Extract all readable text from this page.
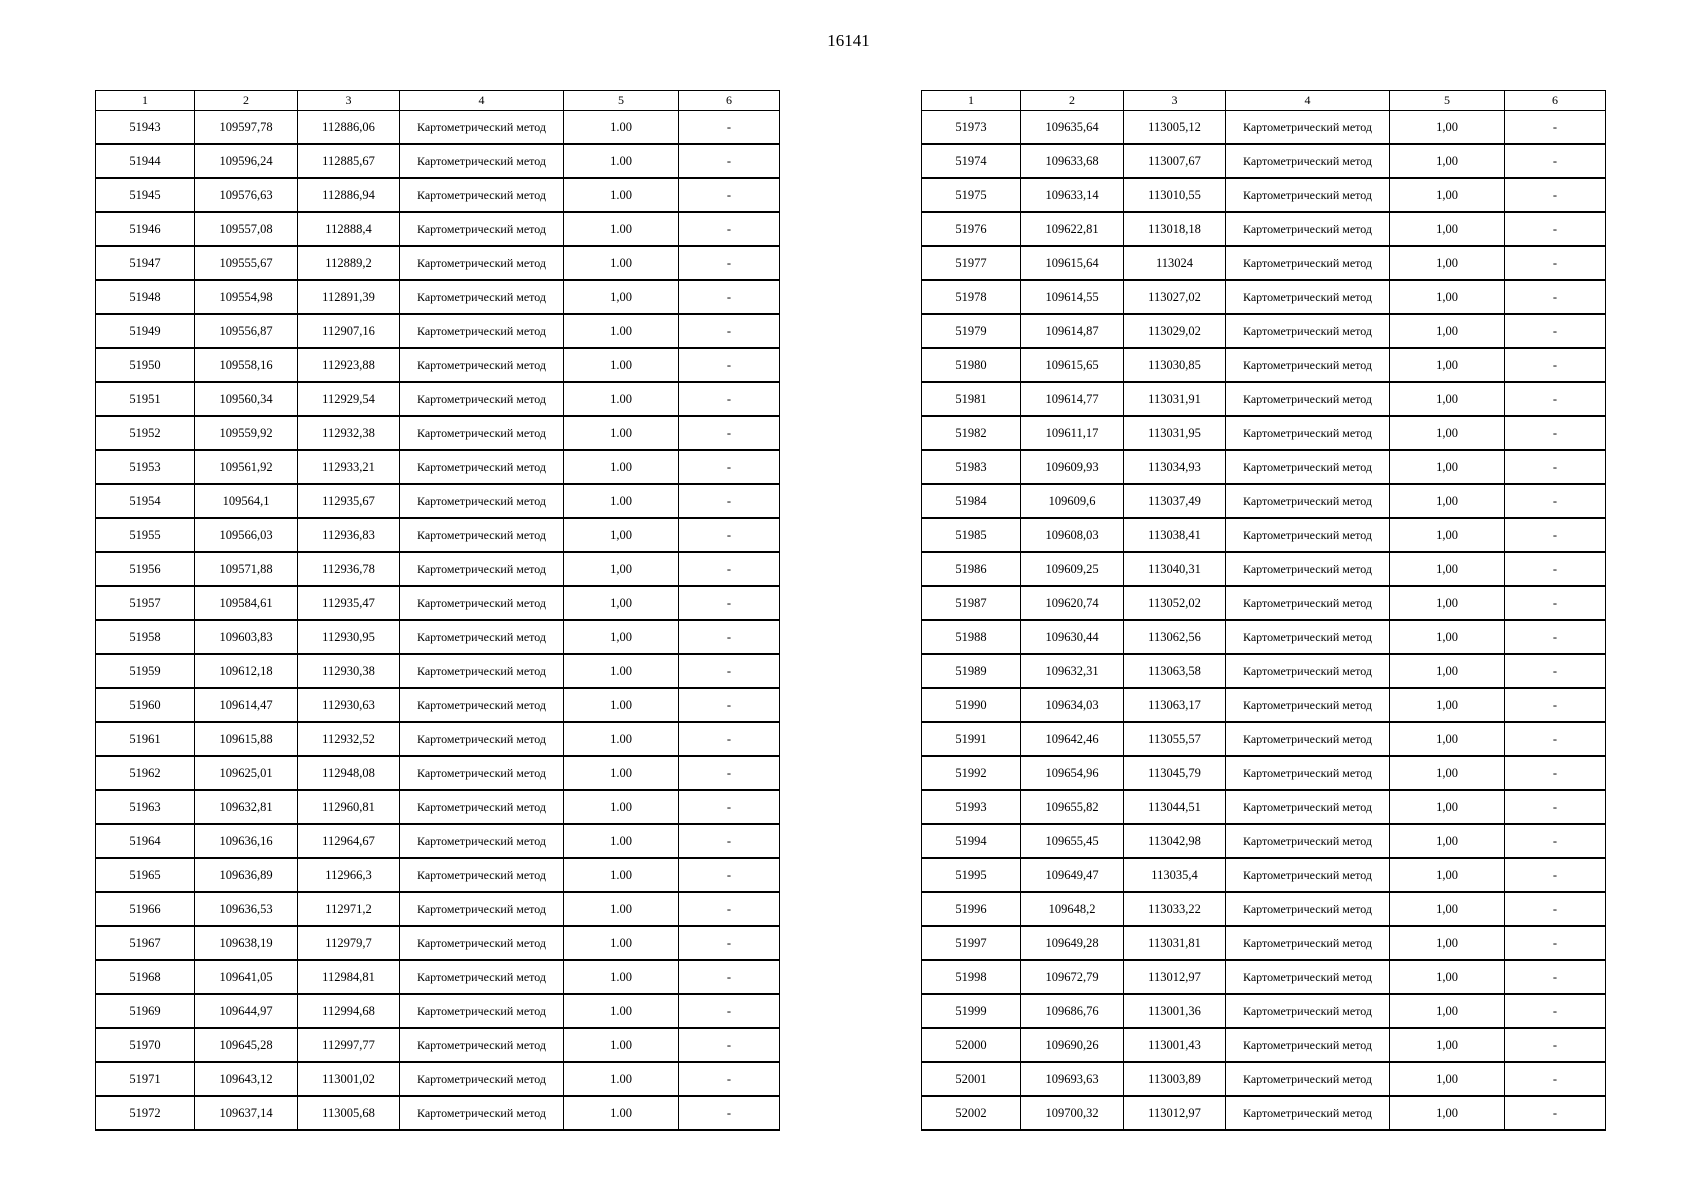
16141
1	2	3	4	5	6
51943	109597,78	112886,06	Картометрический метод	1.00	-
51944	109596,24	112885,67	Картометрический метод	1.00	-
51945	109576,63	112886,94	Картометрический метод	1.00	-
51946	109557,08	112888,4	Картометрический метод	1.00	-
51947	109555,67	112889,2	Картометрический метод	1.00	-
51948	109554,98	112891,39	Картометрический метод	1,00	-
51949	109556,87	112907,16	Картометрический метод	1.00	-
51950	109558,16	112923,88	Картометрический метод	1.00	-
51951	109560,34	112929,54	Картометрический метод	1.00	-
51952	109559,92	112932,38	Картометрический метод	1.00	-
51953	109561,92	112933,21	Картометрический метод	1.00	-
51954	109564,1	112935,67	Картометрический метод	1.00	-
51955	109566,03	112936,83	Картометрический метод	1,00	-
51956	109571,88	112936,78	Картометрический метод	1,00	-
51957	109584,61	112935,47	Картометрический метод	1,00	-
51958	109603,83	112930,95	Картометрический метод	1,00	-
51959	109612,18	112930,38	Картометрический метод	1.00	-
51960	109614,47	112930,63	Картометрический метод	1.00	-
51961	109615,88	112932,52	Картометрический метод	1.00	-
51962	109625,01	112948,08	Картометрический метод	1.00	-
51963	109632,81	112960,81	Картометрический метод	1.00	-
51964	109636,16	112964,67	Картометрический метод	1.00	-
51965	109636,89	112966,3	Картометрический метод	1.00	-
51966	109636,53	112971,2	Картометрический метод	1.00	-
51967	109638,19	112979,7	Картометрический метод	1.00	-
51968	109641,05	112984,81	Картометрический метод	1.00	-
51969	109644,97	112994,68	Картометрический метод	1.00	-
51970	109645,28	112997,77	Картометрический метод	1.00	-
51971	109643,12	113001,02	Картометрический метод	1.00	-
51972	109637,14	113005,68	Картометрический метод	1.00	-
1	2	3	4	5	6
51973	109635,64	113005,12	Картометрический метод	1,00	-
51974	109633,68	113007,67	Картометрический метод	1,00	-
51975	109633,14	113010,55	Картометрический метод	1,00	-
51976	109622,81	113018,18	Картометрический метод	1,00	-
51977	109615,64	113024	Картометрический метод	1,00	-
51978	109614,55	113027,02	Картометрический метод	1,00	-
51979	109614,87	113029,02	Картометрический метод	1,00	-
51980	109615,65	113030,85	Картометрический метод	1,00	-
51981	109614,77	113031,91	Картометрический метод	1,00	-
51982	109611,17	113031,95	Картометрический метод	1,00	-
51983	109609,93	113034,93	Картометрический метод	1,00	-
51984	109609,6	113037,49	Картометрический метод	1,00	-
51985	109608,03	113038,41	Картометрический метод	1,00	-
51986	109609,25	113040,31	Картометрический метод	1,00	-
51987	109620,74	113052,02	Картометрический метод	1,00	-
51988	109630,44	113062,56	Картометрический метод	1,00	-
51989	109632,31	113063,58	Картометрический метод	1,00	-
51990	109634,03	113063,17	Картометрический метод	1,00	-
51991	109642,46	113055,57	Картометрический метод	1,00	-
51992	109654,96	113045,79	Картометрический метод	1,00	-
51993	109655,82	113044,51	Картометрический метод	1,00	-
51994	109655,45	113042,98	Картометрический метод	1,00	-
51995	109649,47	113035,4	Картометрический метод	1,00	-
51996	109648,2	113033,22	Картометрический метод	1,00	-
51997	109649,28	113031,81	Картометрический метод	1,00	-
51998	109672,79	113012,97	Картометрический метод	1,00	-
51999	109686,76	113001,36	Картометрический метод	1,00	-
52000	109690,26	113001,43	Картометрический метод	1,00	-
52001	109693,63	113003,89	Картометрический метод	1,00	-
52002	109700,32	113012,97	Картометрический метод	1,00	-
